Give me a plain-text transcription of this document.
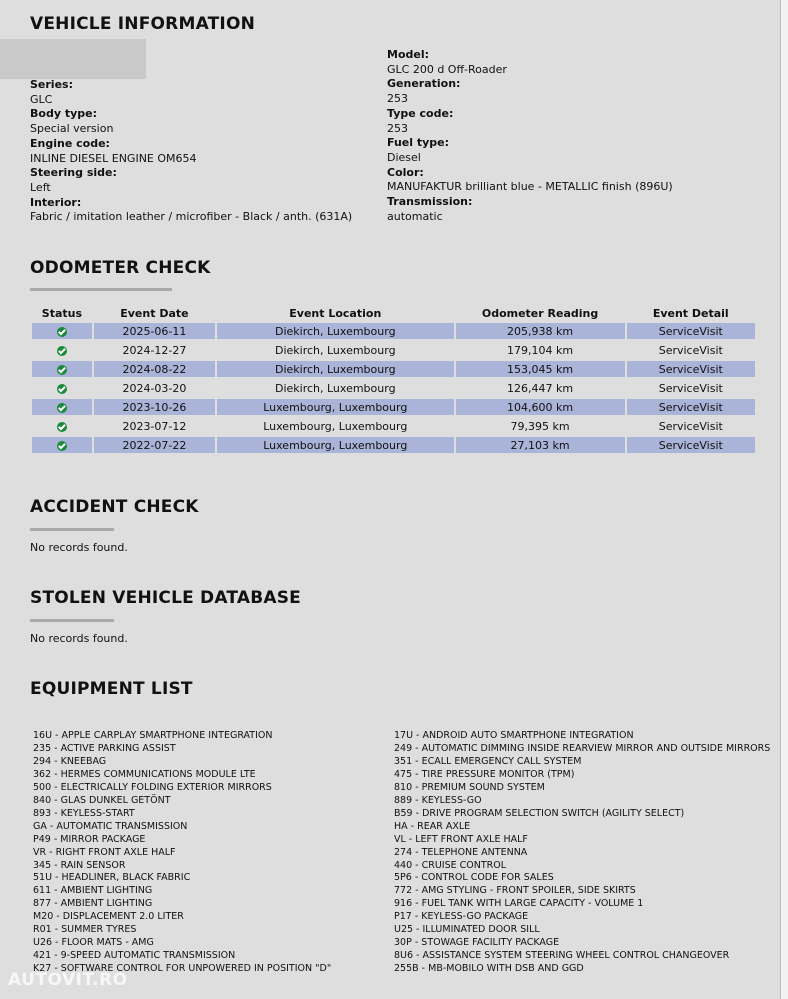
VEHICLE INFORMATION
Series:
GLC
Body type:
Special version
Engine code:
INLINE DIESEL ENGINE OM654
Steering side:
Left
Interior:
Fabric / imitation leather / microfiber - Black / anth. (631A)
Model:
GLC 200 d Off-Roader
Generation:
253
Type code:
253
Fuel type:
Diesel
Color:
MANUFAKTUR brilliant blue - METALLIC finish (896U)
Transmission:
automatic
ODOMETER CHECK
Status	Event Date	Event Location	Odometer Reading	Event Detail
	2025-06-11	Diekirch, Luxembourg	205,938 km	ServiceVisit
	2024-12-27	Diekirch, Luxembourg	179,104 km	ServiceVisit
	2024-08-22	Diekirch, Luxembourg	153,045 km	ServiceVisit
	2024-03-20	Diekirch, Luxembourg	126,447 km	ServiceVisit
	2023-10-26	Luxembourg, Luxembourg	104,600 km	ServiceVisit
	2023-07-12	Luxembourg, Luxembourg	79,395 km	ServiceVisit
	2022-07-22	Luxembourg, Luxembourg	27,103 km	ServiceVisit
ACCIDENT CHECK
No records found.
STOLEN VEHICLE DATABASE
No records found.
EQUIPMENT LIST
16U - APPLE CARPLAY SMARTPHONE INTEGRATION
235 - ACTIVE PARKING ASSIST
294 - KNEEBAG
362 - HERMES COMMUNICATIONS MODULE LTE
500 - ELECTRICALLY FOLDING EXTERIOR MIRRORS
840 - GLAS DUNKEL GETÖNT
893 - KEYLESS-START
GA - AUTOMATIC TRANSMISSION
P49 - MIRROR PACKAGE
VR - RIGHT FRONT AXLE HALF
345 - RAIN SENSOR
51U - HEADLINER, BLACK FABRIC
611 - AMBIENT LIGHTING
877 - AMBIENT LIGHTING
M20 - DISPLACEMENT 2.0 LITER
R01 - SUMMER TYRES
U26 - FLOOR MATS - AMG
421 - 9-SPEED AUTOMATIC TRANSMISSION
K27 - SOFTWARE CONTROL FOR UNPOWERED IN POSITION "D"
17U - ANDROID AUTO SMARTPHONE INTEGRATION
249 - AUTOMATIC DIMMING INSIDE REARVIEW MIRROR AND OUTSIDE MIRRORS
351 - ECALL EMERGENCY CALL SYSTEM
475 - TIRE PRESSURE MONITOR (TPM)
810 - PREMIUM SOUND SYSTEM
889 - KEYLESS-GO
B59 - DRIVE PROGRAM SELECTION SWITCH (AGILITY SELECT)
HA - REAR AXLE
VL - LEFT FRONT AXLE HALF
274 - TELEPHONE ANTENNA
440 - CRUISE CONTROL
5P6 - CONTROL CODE FOR SALES
772 - AMG STYLING - FRONT SPOILER, SIDE SKIRTS
916 - FUEL TANK WITH LARGE CAPACITY - VOLUME 1
P17 - KEYLESS-GO PACKAGE
U25 - ILLUMINATED DOOR SILL
30P - STOWAGE FACILITY PACKAGE
8U6 - ASSISTANCE SYSTEM STEERING WHEEL CONTROL CHANGEOVER
255B - MB-MOBILO WITH DSB AND GGD
AUTOVIT.RO
